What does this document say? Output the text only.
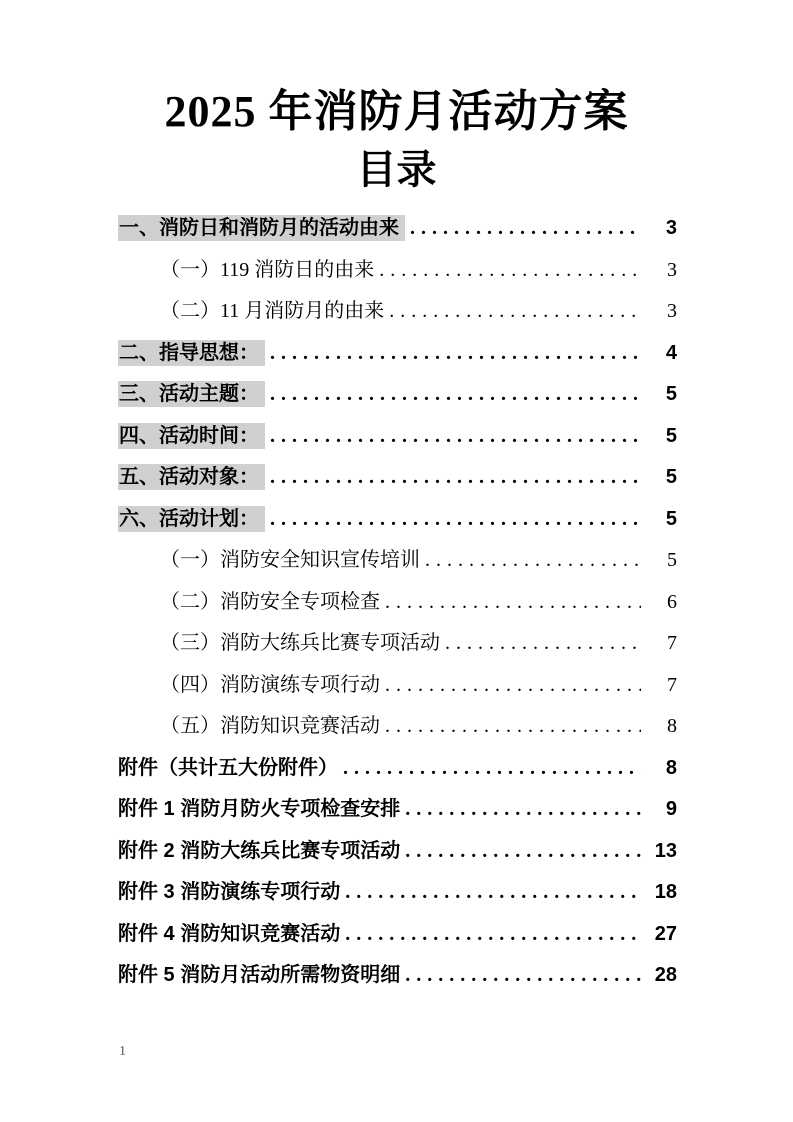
2025 年消防月活动方案
目录
一、消防日和消防月的活动由来 .....	3
（一）119 消防日的由来 .....	3
（二）11 月消防月的由来 .....	3
二、指导思想： .....	4
三、活动主题： .....	5
四、活动时间： .....	5
五、活动对象： .....	5
六、活动计划： .....	5
（一）消防安全知识宣传培训 .....	5
（二）消防安全专项检查 .....	6
（三）消防大练兵比赛专项活动 .....	7
（四）消防演练专项行动 .....	7
（五）消防知识竞赛活动 .....	8
附件（共计五大份附件） .....	8
附件 1 消防月防火专项检查安排 .....	9
附件 2 消防大练兵比赛专项活动 .....	13
附件 3 消防演练专项行动 .....	18
附件 4 消防知识竞赛活动 .....	27
附件 5 消防月活动所需物资明细 .....	28
1
